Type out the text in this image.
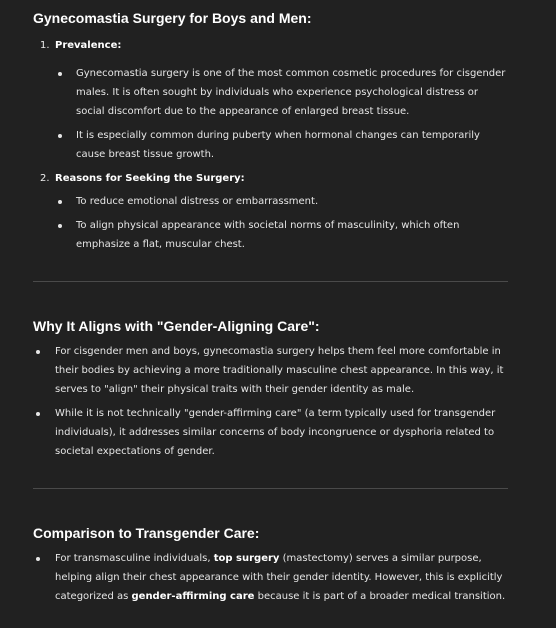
Gynecomastia Surgery for Boys and Men:
1. Prevalence:
Gynecomastia surgery is one of the most common cosmetic procedures for cisgender males. It is often sought by individuals who experience psychological distress or social discomfort due to the appearance of enlarged breast tissue.
It is especially common during puberty when hormonal changes can temporarily cause breast tissue growth.
2. Reasons for Seeking the Surgery:
To reduce emotional distress or embarrassment.
To align physical appearance with societal norms of masculinity, which often emphasize a flat, muscular chest.
Why It Aligns with "Gender-Aligning Care":
For cisgender men and boys, gynecomastia surgery helps them feel more comfortable in their bodies by achieving a more traditionally masculine chest appearance. In this way, it serves to "align" their physical traits with their gender identity as male.
While it is not technically "gender-affirming care" (a term typically used for transgender individuals), it addresses similar concerns of body incongruence or dysphoria related to societal expectations of gender.
Comparison to Transgender Care:
For transmasculine individuals, top surgery (mastectomy) serves a similar purpose, helping align their chest appearance with their gender identity. However, this is explicitly categorized as gender-affirming care because it is part of a broader medical transition.
